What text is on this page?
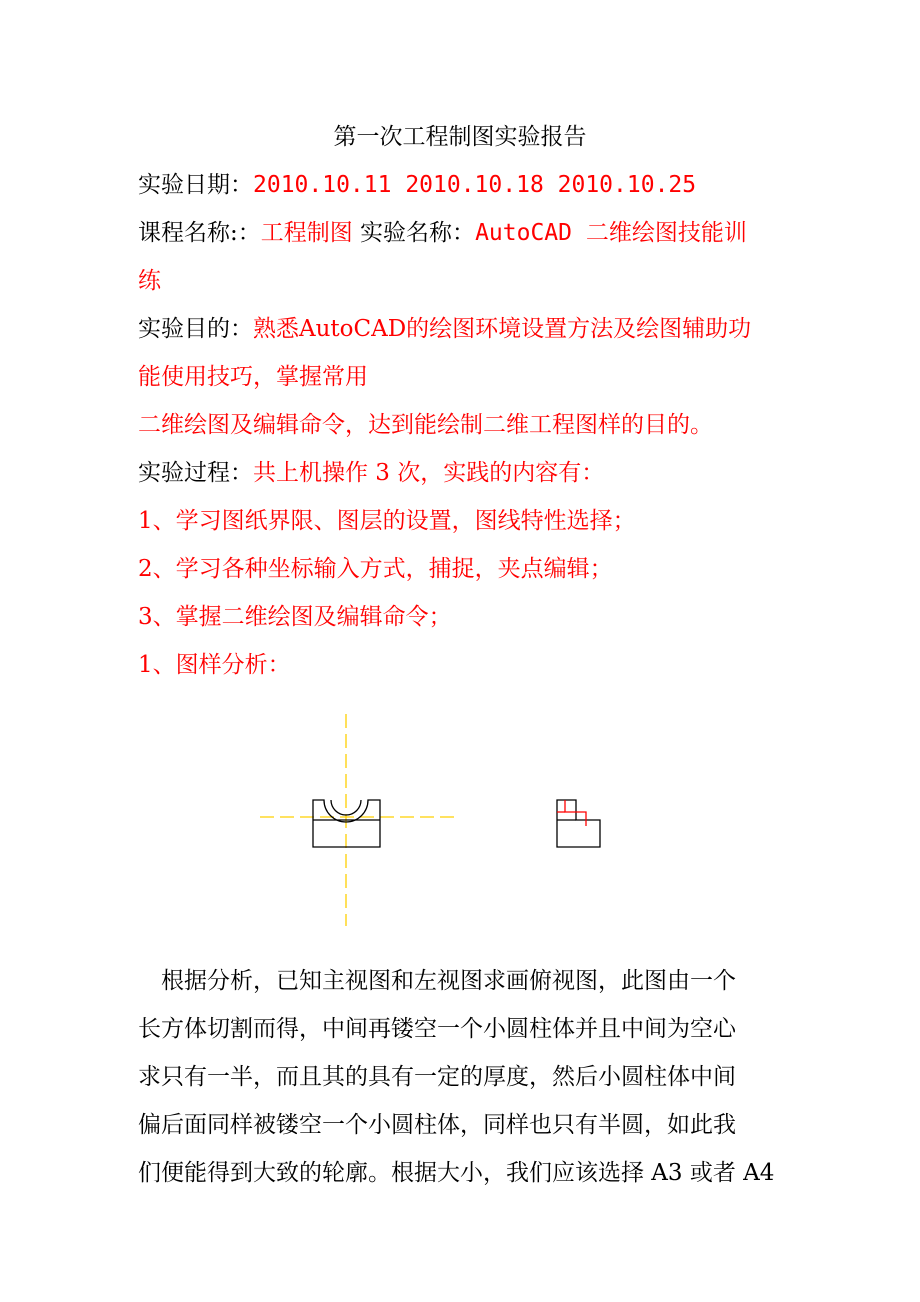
第一次工程制图实验报告
实验日期：2010.10.11 2010.10.18 2010.10.25
课程名称:：工程制图 实验名称：AutoCAD 二维绘图技能训
练
实验目的：熟悉AutoCAD的绘图环境设置方法及绘图辅助功
能使用技巧，掌握常用
二维绘图及编辑命令，达到能绘制二维工程图样的目的。
实验过程：共上机操作 3 次，实践的内容有：
1、学习图纸界限、图层的设置，图线特性选择；
2、学习各种坐标输入方式，捕捉，夹点编辑；
3、掌握二维绘图及编辑命令；
1、图样分析：
　根据分析，已知主视图和左视图求画俯视图，此图由一个
长方体切割而得，中间再镂空一个小圆柱体并且中间为空心
求只有一半，而且其的具有一定的厚度，然后小圆柱体中间
偏后面同样被镂空一个小圆柱体，同样也只有半圆，如此我
们便能得到大致的轮廓。根据大小，我们应该选择 A3 或者 A4
